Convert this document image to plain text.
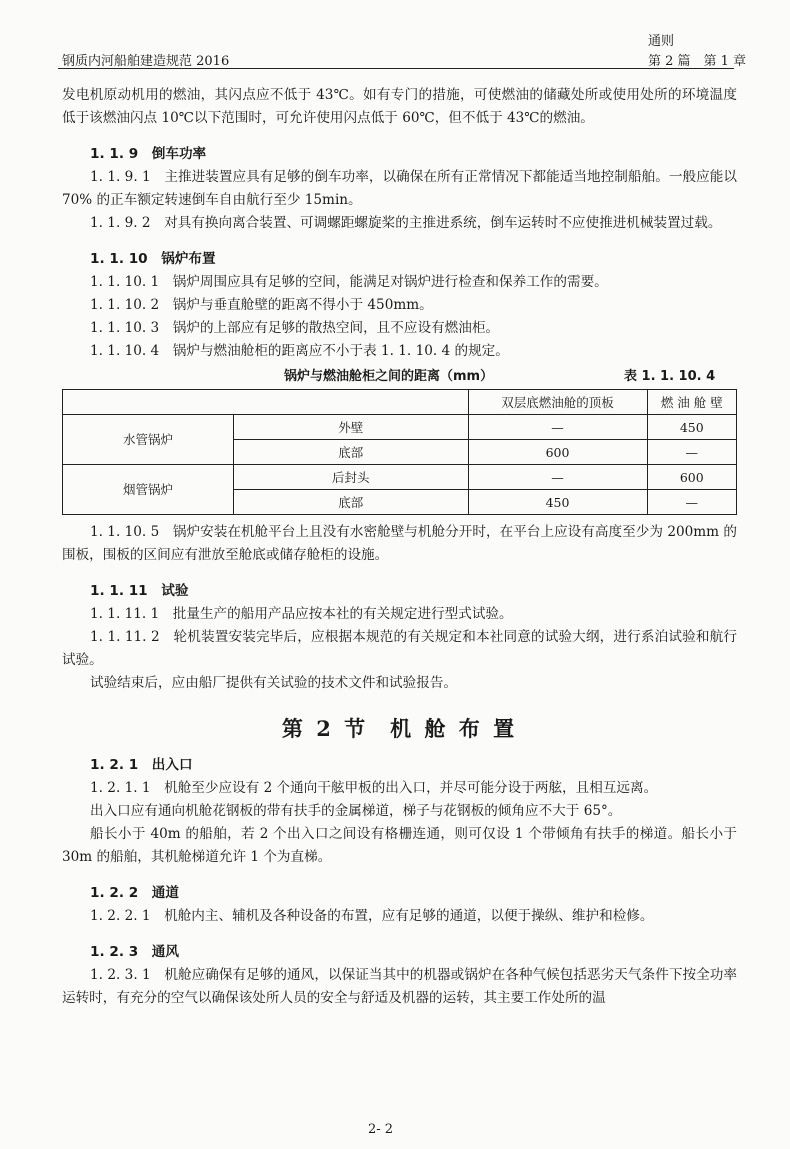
通则
钢质内河船舶建造规范 2016	第 2 篇　第 1 章

发电机原动机用的燃油，其闪点应不低于 43℃。如有专门的措施，可使燃油的储藏处所或使用处所的环境温度低于该燃油闪点 10℃以下范围时，可允许使用闪点低于 60℃，但不低于 43℃的燃油。

1. 1. 9　倒车功率

1. 1. 9. 1　主推进装置应具有足够的倒车功率，以确保在所有正常情况下都能适当地控制船舶。一般应能以 70% 的正车额定转速倒车自由航行至少 15min。

1. 1. 9. 2　对具有换向离合装置、可调螺距螺旋桨的主推进系统，倒车运转时不应使推进机械装置过载。

1. 1. 10　锅炉布置

1. 1. 10. 1　锅炉周围应具有足够的空间，能满足对锅炉进行检查和保养工作的需要。

1. 1. 10. 2　锅炉与垂直舱壁的距离不得小于 450mm。

1. 1. 10. 3　锅炉的上部应有足够的散热空间，且不应设有燃油柜。

1. 1. 10. 4　锅炉与燃油舱柜的距离应不小于表 1. 1. 10. 4 的规定。

锅炉与燃油舱柜之间的距离（mm）	表 1. 1. 10. 4
		双层底燃油舱的顶板	燃 油 舱 壁
水管锅炉	外壁	—	450
	底部	600	—
烟管锅炉	后封头	—	600
	底部	450	—

1. 1. 10. 5　锅炉安装在机舱平台上且没有水密舱壁与机舱分开时，在平台上应设有高度至少为 200mm 的围板，围板的区间应有泄放至舱底或储存舱柜的设施。

1. 1. 11　试验

1. 1. 11. 1　批量生产的船用产品应按本社的有关规定进行型式试验。

1. 1. 11. 2　轮机装置安装完毕后，应根据本规范的有关规定和本社同意的试验大纲，进行系泊试验和航行试验。

试验结束后，应由船厂提供有关试验的技术文件和试验报告。

第 2 节 机 舱 布 置
1. 2. 1　出入口

1. 2. 1. 1　机舱至少应设有 2 个通向干舷甲板的出入口，并尽可能分设于两舷，且相互远离。

出入口应有通向机舱花钢板的带有扶手的金属梯道，梯子与花钢板的倾角应不大于 65°。

船长小于 40m 的船舶，若 2 个出入口之间设有格栅连通，则可仅设 1 个带倾角有扶手的梯道。船长小于 30m 的船舶，其机舱梯道允许 1 个为直梯。

1. 2. 2　通道

1. 2. 2. 1　机舱内主、辅机及各种设备的布置，应有足够的通道，以便于操纵、维护和检修。

1. 2. 3　通风

1. 2. 3. 1　机舱应确保有足够的通风，以保证当其中的机器或锅炉在各种气候包括恶劣天气条件下按全功率运转时，有充分的空气以确保该处所人员的安全与舒适及机器的运转，其主要工作处所的温

2- 2
